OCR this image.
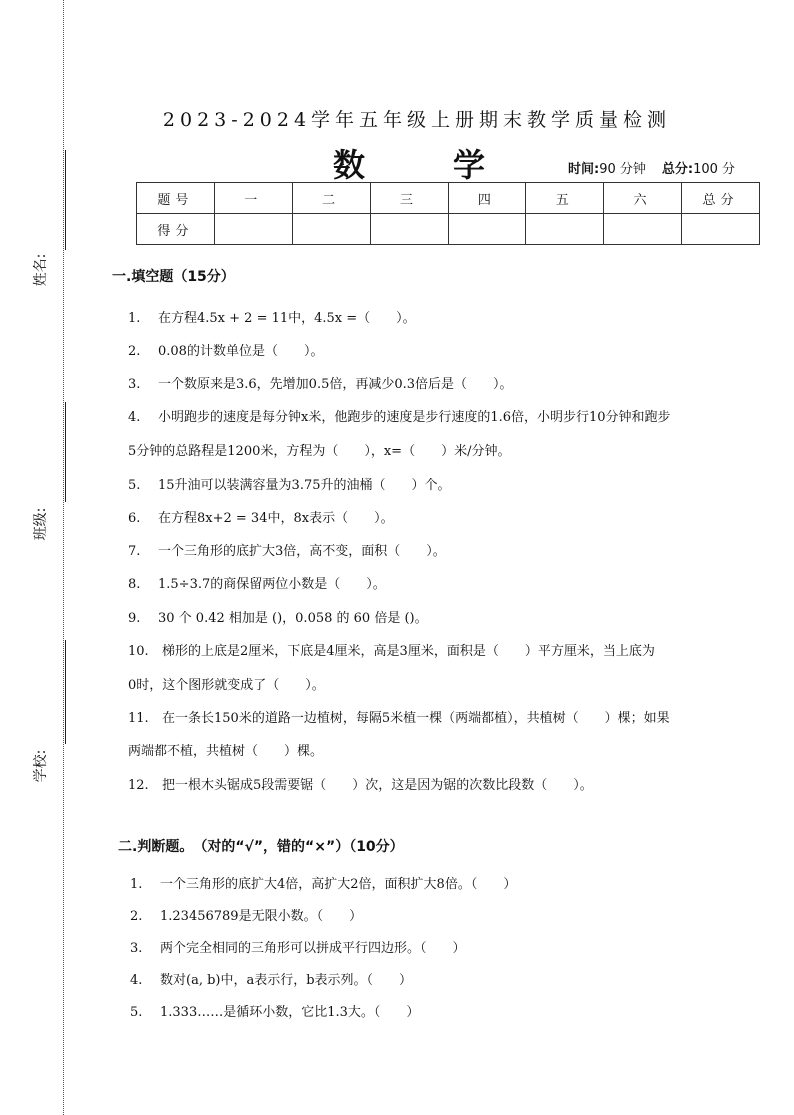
姓名:
班级:
学校:
2023-2024学年五年级上册期末教学质量检测
数	学	时间:90 分钟 总分:100 分
题号	一	二	三	四	五	六	总分
得分							
一.填空题（15分）
1. 在方程4.5x + 2 = 11中，4.5x =（　　）。
2. 0.08的计数单位是（　　）。
3. 一个数原来是3.6，先增加0.5倍，再减少0.3倍后是（　　）。
4. 小明跑步的速度是每分钟x米，他跑步的速度是步行速度的1.6倍，小明步行10分钟和跑步
5分钟的总路程是1200米，方程为（　　），x=（　　）米/分钟。
5. 15升油可以装满容量为3.75升的油桶（　　）个。
6. 在方程8x+2 = 34中，8x表示（　　）。
7. 一个三角形的底扩大3倍，高不变，面积（　　）。
8. 1.5÷3.7的商保留两位小数是（　　）。
9. 30 个 0.42 相加是 ()，0.058 的 60 倍是 ()。
10. 梯形的上底是2厘米，下底是4厘米，高是3厘米，面积是（　　）平方厘米，当上底为
0时，这个图形就变成了（　　）。
11. 在一条长150米的道路一边植树，每隔5米植一棵（两端都植），共植树（　　）棵；如果
两端都不植，共植树（　　）棵。
12. 把一根木头锯成5段需要锯（　　）次，这是因为锯的次数比段数（　　）。
二.判断题。　（对的“√”，错的“×”）（10分）
1. 一个三角形的底扩大4倍，高扩大2倍，面积扩大8倍。（　　）
2. 1.23456789是无限小数。（　　）
3. 两个完全相同的三角形可以拼成平行四边形。（　　）
4. 数对(a, b)中，a表示行，b表示列。（　　）
5. 1.333……是循环小数，它比1.3大。（　　）
